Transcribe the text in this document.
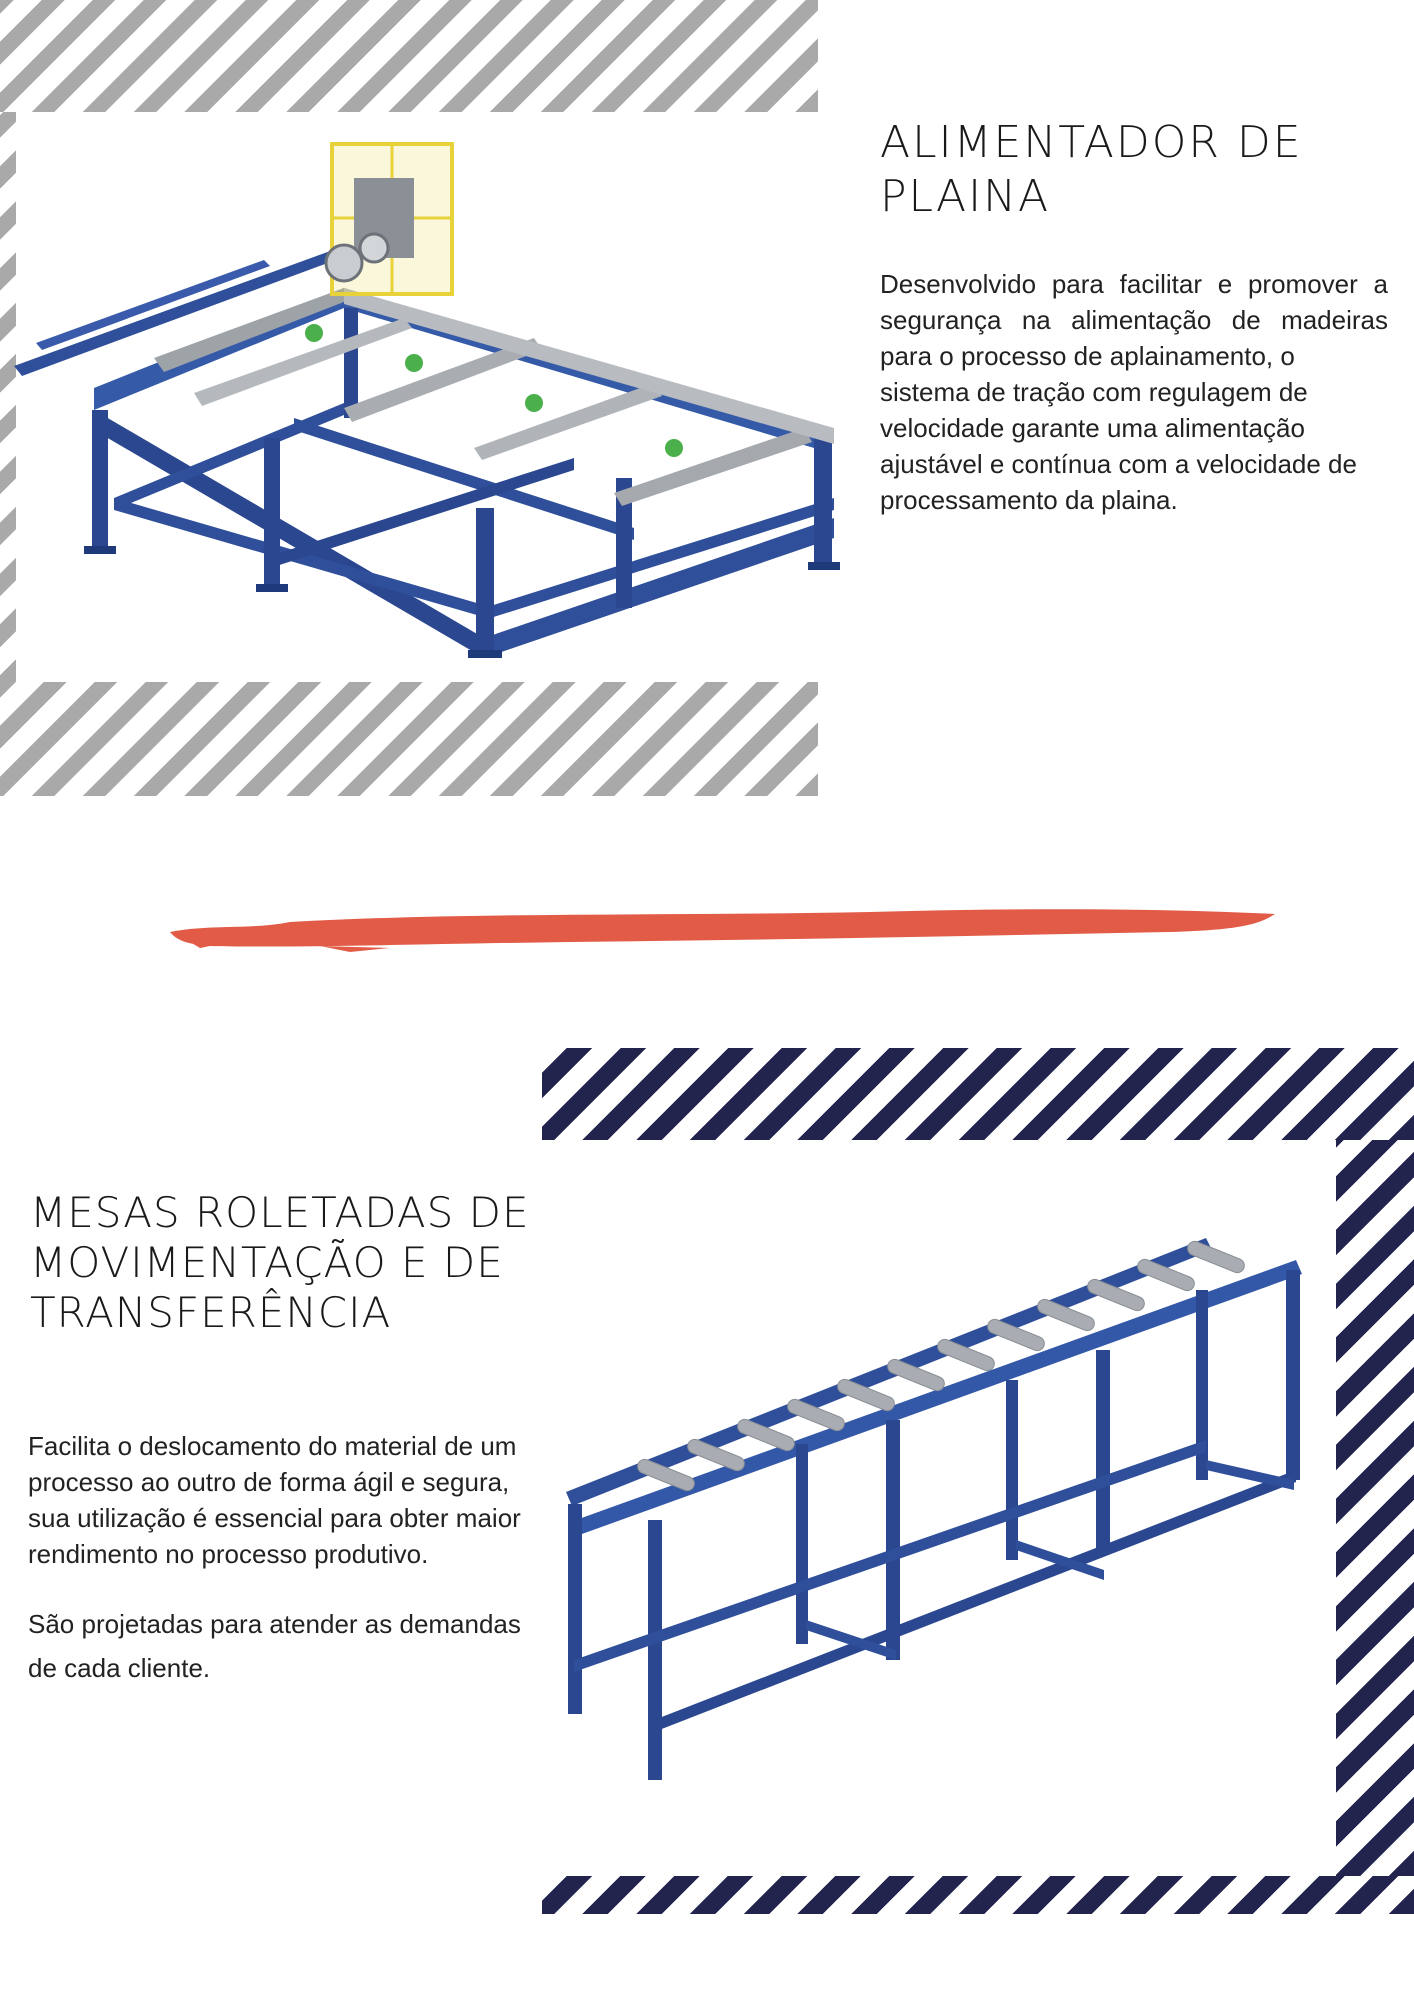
ALIMENTADOR DE PLAINA

Desenvolvido para facilitar e promover a segurança na alimentação de madeiras para o processo de aplainamento, o

sistema de tração com regulagem de velocidade garante uma alimentação ajustável e contínua com a velocidade de processamento da plaina.

MESAS ROLETADAS DE MOVIMENTAÇÃO E DE TRANSFERÊNCIA

Facilita o deslocamento do material de um processo ao outro de forma ágil e segura, sua utilização é essencial para obter maior rendimento no processo produtivo.

São projetadas para atender as demandas de cada cliente.
